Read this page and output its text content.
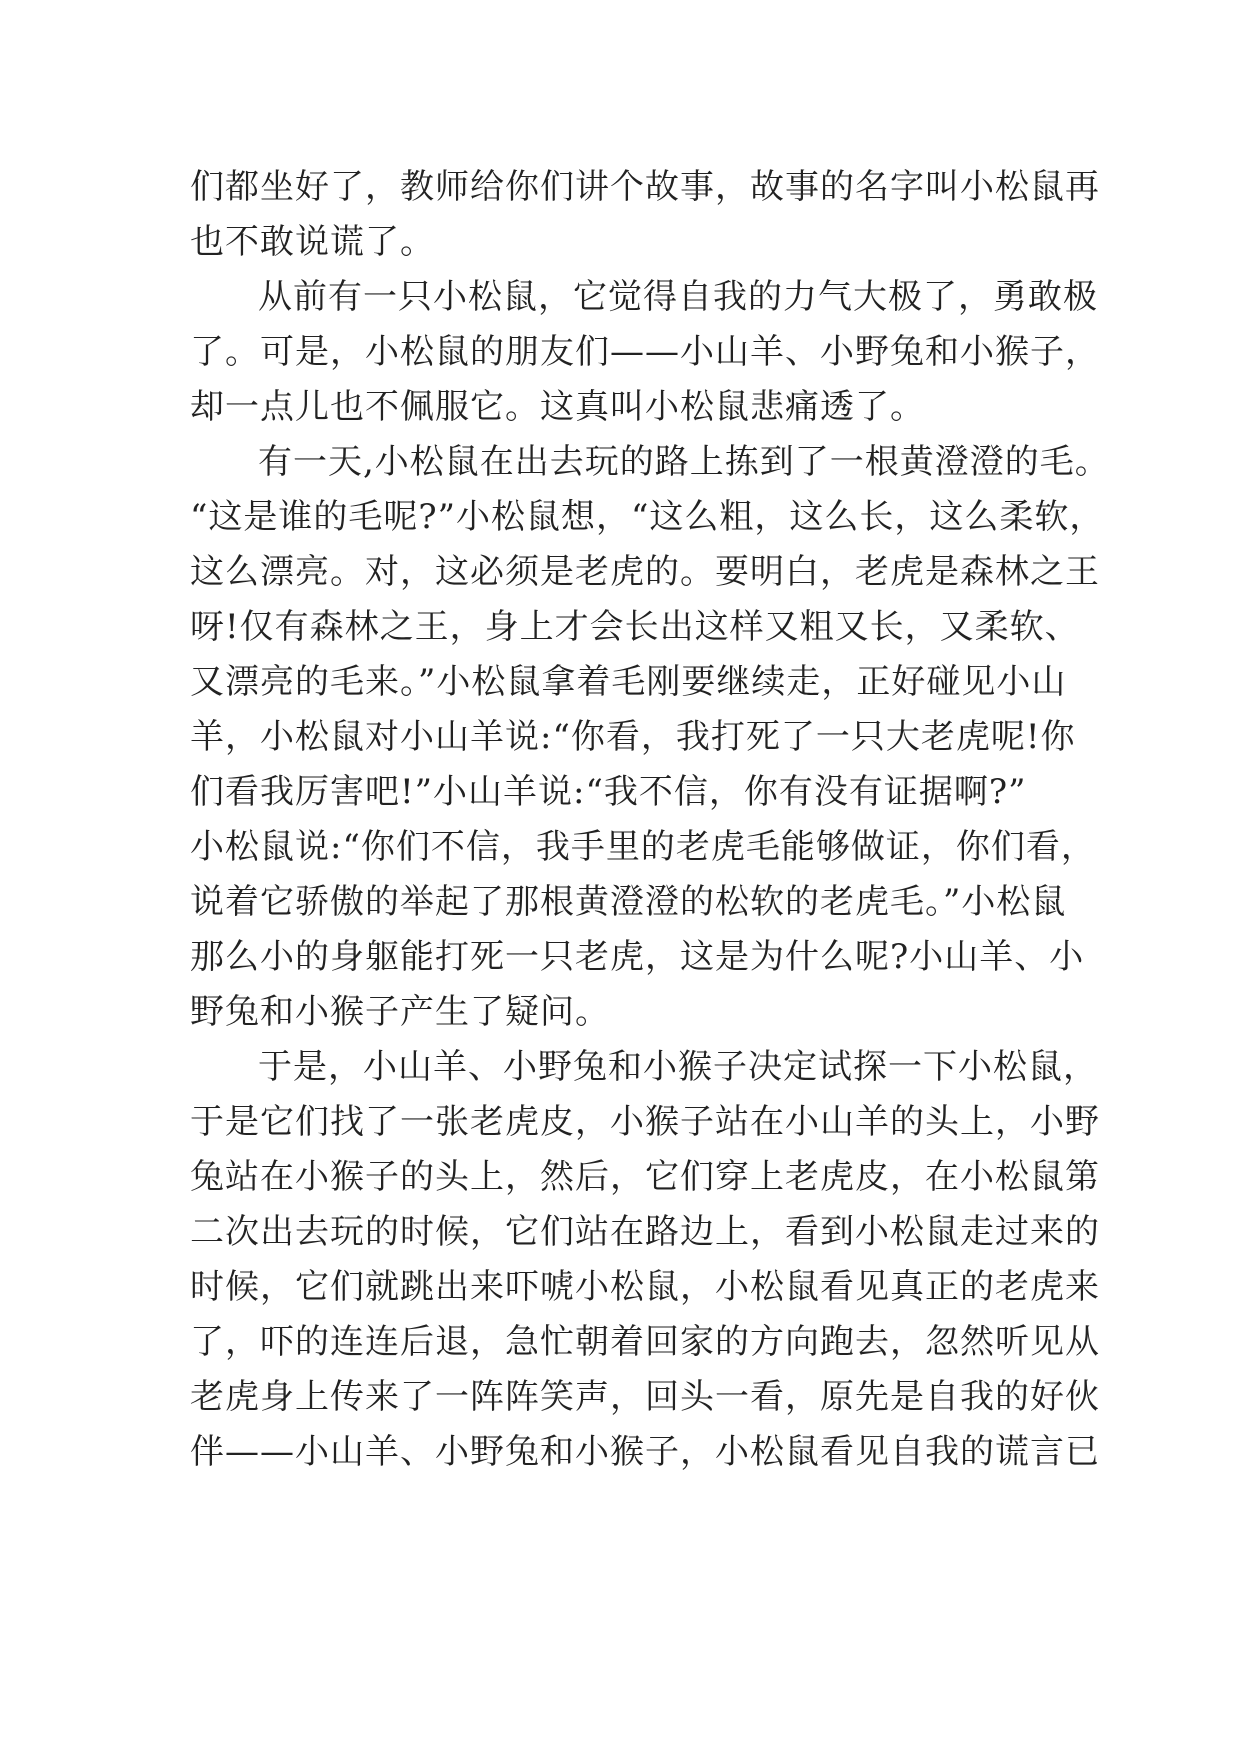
们都坐好了，教师给你们讲个故事，故事的名字叫小松鼠再
也不敢说谎了。
从前有一只小松鼠，它觉得自我的力气大极了，勇敢极
了。可是，小松鼠的朋友们——小山羊、小野兔和小猴子，
却一点儿也不佩服它。这真叫小松鼠悲痛透了。
有一天,小松鼠在出去玩的路上拣到了一根黄澄澄的毛。
“这是谁的毛呢?”小松鼠想，“这么粗，这么长，这么柔软，
这么漂亮。对，这必须是老虎的。要明白，老虎是森林之王
呀!仅有森林之王，身上才会长出这样又粗又长，又柔软、
又漂亮的毛来。”小松鼠拿着毛刚要继续走，正好碰见小山
羊，小松鼠对小山羊说:“你看，我打死了一只大老虎呢!你
们看我厉害吧!”小山羊说:“我不信，你有没有证据啊?”
小松鼠说:“你们不信，我手里的老虎毛能够做证，你们看，
说着它骄傲的举起了那根黄澄澄的松软的老虎毛。”小松鼠
那么小的身躯能打死一只老虎，这是为什么呢?小山羊、小
野兔和小猴子产生了疑问。
于是，小山羊、小野兔和小猴子决定试探一下小松鼠，
于是它们找了一张老虎皮，小猴子站在小山羊的头上，小野
兔站在小猴子的头上，然后，它们穿上老虎皮，在小松鼠第
二次出去玩的时候，它们站在路边上，看到小松鼠走过来的
时候，它们就跳出来吓唬小松鼠，小松鼠看见真正的老虎来
了，吓的连连后退，急忙朝着回家的方向跑去，忽然听见从
老虎身上传来了一阵阵笑声，回头一看，原先是自我的好伙
伴——小山羊、小野兔和小猴子，小松鼠看见自我的谎言已
